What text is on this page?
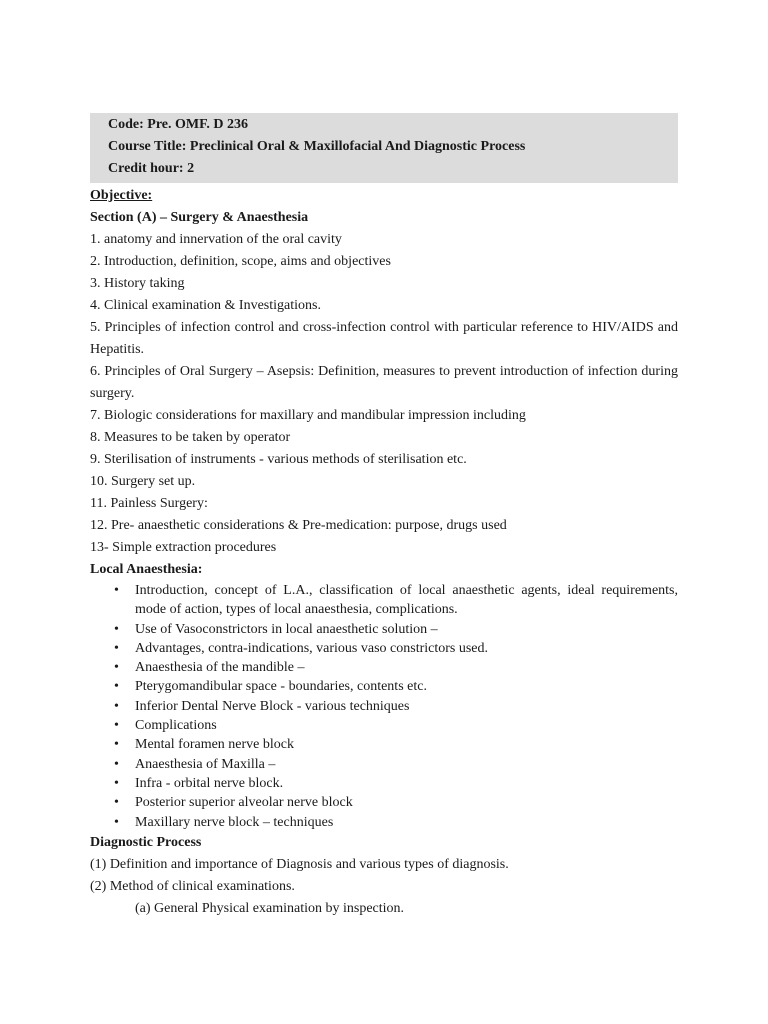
Code: Pre. OMF. D 236
Course Title: Preclinical Oral & Maxillofacial And Diagnostic Process
Credit hour: 2
Objective:
Section (A) – Surgery & Anaesthesia
1. anatomy and innervation of the oral cavity
2. Introduction, definition, scope, aims and objectives
3. History taking
4. Clinical examination & Investigations.
5. Principles of infection control and cross-infection control with particular reference to HIV/AIDS and Hepatitis.
6. Principles of Oral Surgery – Asepsis: Definition, measures to prevent introduction of infection during surgery.
7. Biologic considerations for maxillary and mandibular impression including
8. Measures to be taken by operator
9. Sterilisation of instruments - various methods of sterilisation etc.
10. Surgery set up.
11. Painless Surgery:
12. Pre- anaesthetic considerations & Pre-medication: purpose, drugs used
13- Simple extraction procedures
Local Anaesthesia:
• Introduction, concept of L.A., classification of local anaesthetic agents, ideal requirements, mode of action, types of local anaesthesia, complications.
• Use of Vasoconstrictors in local anaesthetic solution –
• Advantages, contra-indications, various vaso constrictors used.
• Anaesthesia of the mandible –
• Pterygomandibular space - boundaries, contents etc.
• Inferior Dental Nerve Block - various techniques
• Complications
• Mental foramen nerve block
• Anaesthesia of Maxilla –
• Infra - orbital nerve block.
• Posterior superior alveolar nerve block
• Maxillary nerve block – techniques
Diagnostic Process
(1) Definition and importance of Diagnosis and various types of diagnosis.
(2) Method of clinical examinations.
(a) General Physical examination by inspection.
